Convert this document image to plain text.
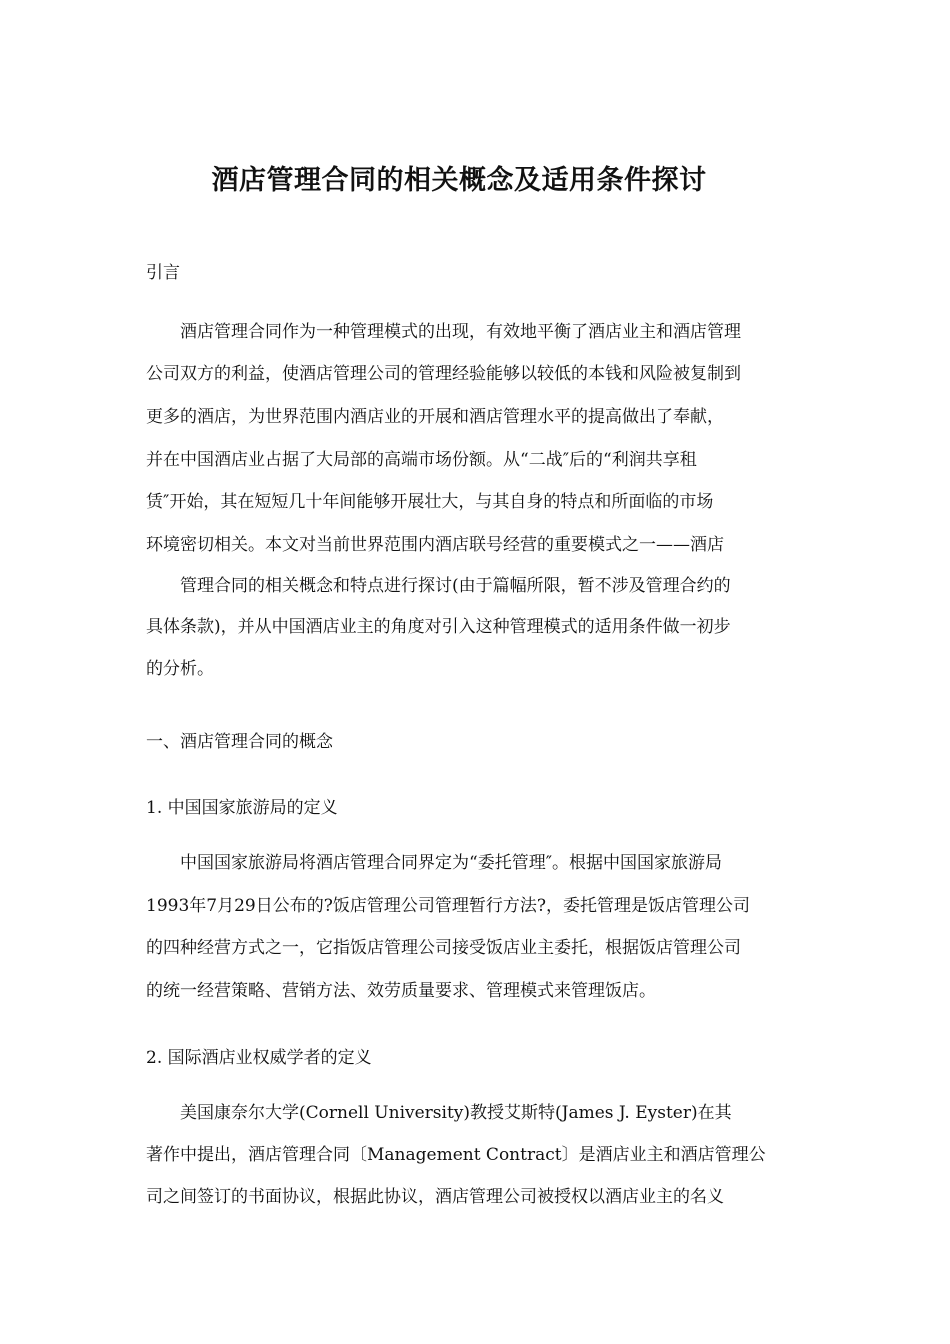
酒店管理合同的相关概念及适用条件探讨
引言
酒店管理合同作为一种管理模式的出现，有效地平衡了酒店业主和酒店管理
公司双方的利益，使酒店管理公司的管理经验能够以较低的本钱和风险被复制到
更多的酒店，为世界范围内酒店业的开展和酒店管理水平的提高做出了奉献，
并在中国酒店业占据了大局部的高端市场份额。从“二战″后的“利润共享租
赁″开始，其在短短几十年间能够开展壮大，与其自身的特点和所面临的市场
环境密切相关。本文对当前世界范围内酒店联号经营的重要模式之一——酒店
管理合同的相关概念和特点进行探讨(由于篇幅所限，暂不涉及管理合约的
具体条款)，并从中国酒店业主的角度对引入这种管理模式的适用条件做一初步
的分析。
一、酒店管理合同的概念
1. 中国国家旅游局的定义
中国国家旅游局将酒店管理合同界定为“委托管理″。根据中国国家旅游局
1993年7月29日公布的?饭店管理公司管理暂行方法?，委托管理是饭店管理公司
的四种经营方式之一，它指饭店管理公司接受饭店业主委托，根据饭店管理公司
的统一经营策略、营销方法、效劳质量要求、管理模式来管理饭店。
2. 国际酒店业权威学者的定义
美国康奈尔大学(Cornell University)教授艾斯特(James J. Eyster)在其
著作中提出，酒店管理合同〔Management Contract〕是酒店业主和酒店管理公
司之间签订的书面协议，根据此协议，酒店管理公司被授权以酒店业主的名义
